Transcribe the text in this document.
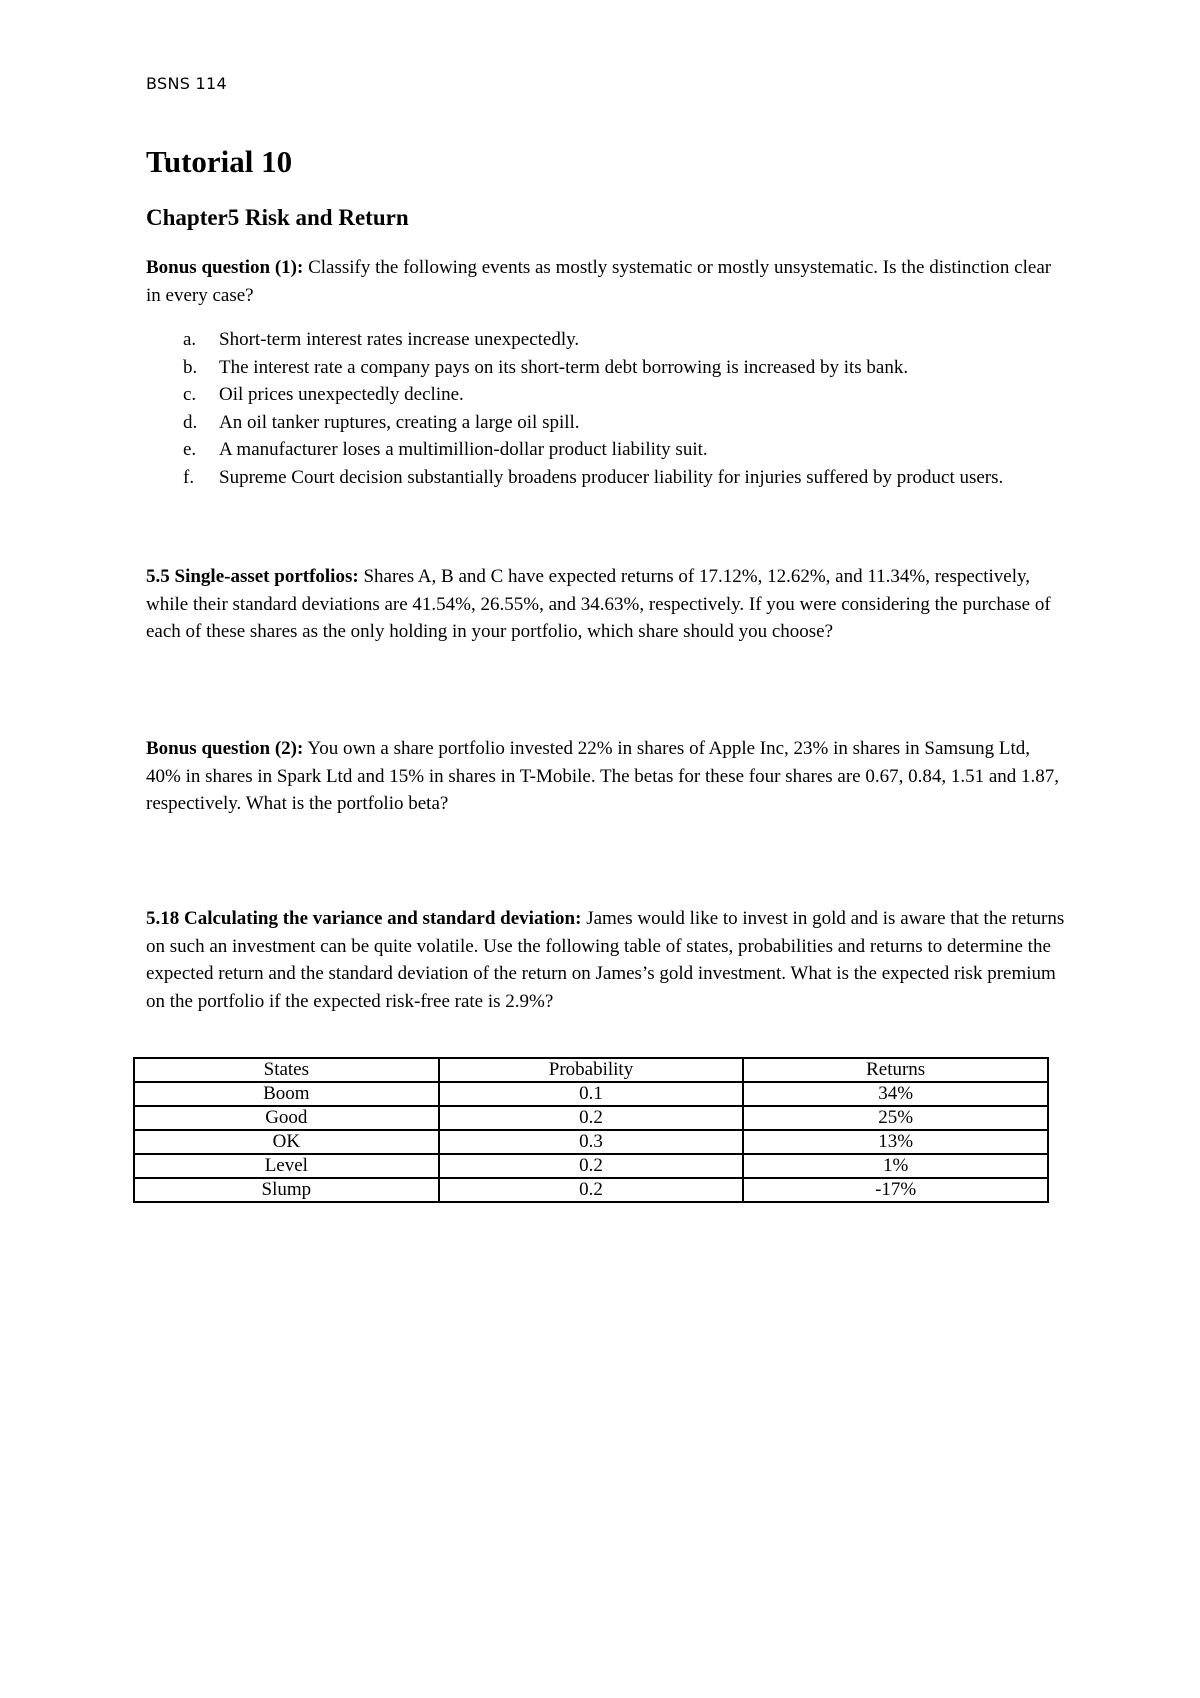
BSNS 114
Tutorial 10
Chapter5 Risk and Return

Bonus question (1): Classify the following events as mostly systematic or mostly unsystematic. Is the distinction clear in every case?

a. Short-term interest rates increase unexpectedly.
b. The interest rate a company pays on its short-term debt borrowing is increased by its bank.
c. Oil prices unexpectedly decline.
d. An oil tanker ruptures, creating a large oil spill.
e. A manufacturer loses a multimillion-dollar product liability suit.
f. Supreme Court decision substantially broadens producer liability for injuries suffered by product users.

5.5 Single-asset portfolios: Shares A, B and C have expected returns of 17.12%, 12.62%, and 11.34%, respectively, while their standard deviations are 41.54%, 26.55%, and 34.63%, respectively. If you were considering the purchase of each of these shares as the only holding in your portfolio, which share should you choose?

Bonus question (2): You own a share portfolio invested 22% in shares of Apple Inc, 23% in shares in Samsung Ltd, 40% in shares in Spark Ltd and 15% in shares in T-Mobile. The betas for these four shares are 0.67, 0.84, 1.51 and 1.87, respectively. What is the portfolio beta?

5.18 Calculating the variance and standard deviation: James would like to invest in gold and is aware that the returns on such an investment can be quite volatile. Use the following table of states, probabilities and returns to determine the expected return and the standard deviation of the return on James’s gold investment. What is the expected risk premium on the portfolio if the expected risk-free rate is 2.9%?

States	Probability	Returns
Boom	0.1	34%
Good	0.2	25%
OK	0.3	13%
Level	0.2	1%
Slump	0.2	-17%
